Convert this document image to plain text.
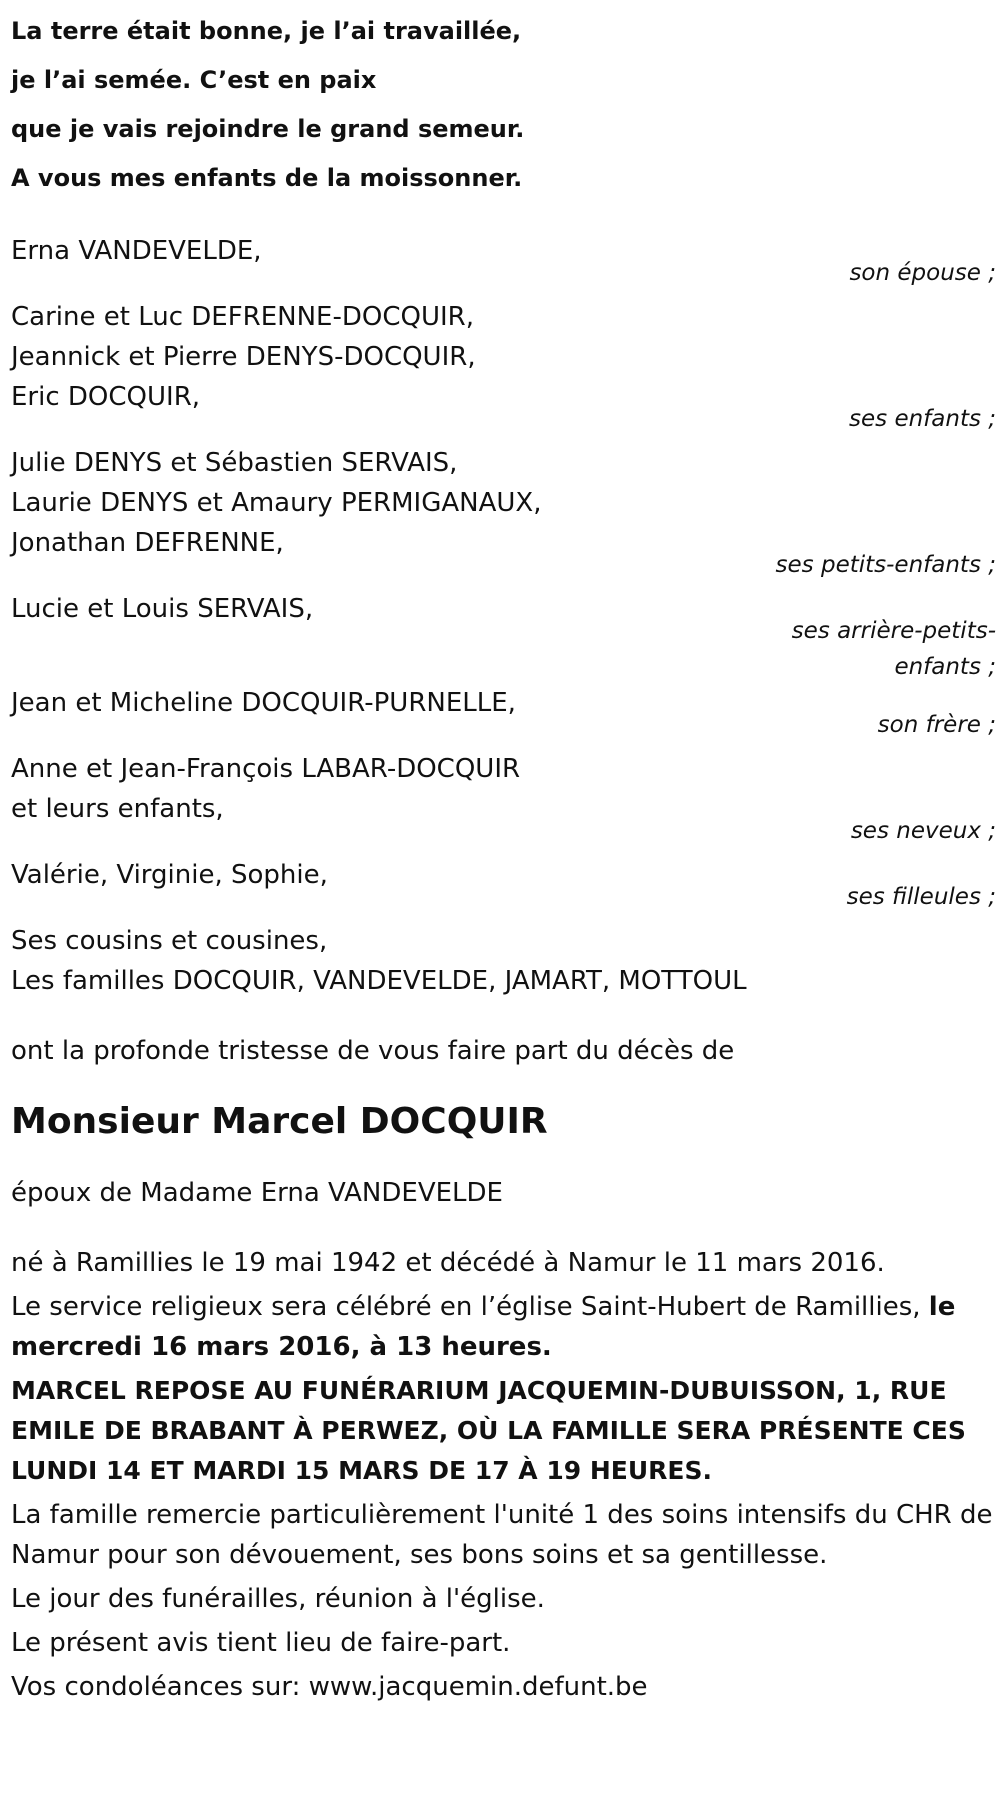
La terre était bonne, je l’ai travaillée,
je l’ai semée. C’est en paix
que je vais rejoindre le grand semeur.
A vous mes enfants de la moissonner.
Erna VANDEVELDE,
son épouse ;
Carine et Luc DEFRENNE-DOCQUIR,
Jeannick et Pierre DENYS-DOCQUIR,
Eric DOCQUIR,
ses enfants ;
Julie DENYS et Sébastien SERVAIS,
Laurie DENYS et Amaury PERMIGANAUX,
Jonathan DEFRENNE,
ses petits-enfants ;
Lucie et Louis SERVAIS,
ses arrière-petits-
enfants ;
Jean et Micheline DOCQUIR-PURNELLE,
son frère ;
Anne et Jean-François LABAR-DOCQUIR
et leurs enfants,
ses neveux ;
Valérie, Virginie, Sophie,
ses filleules ;
Ses cousins et cousines,
Les familles DOCQUIR, VANDEVELDE, JAMART, MOTTOUL
ont la profonde tristesse de vous faire part du décès de
Monsieur Marcel DOCQUIR
époux de Madame Erna VANDEVELDE
né à Ramillies le 19 mai 1942 et décédé à Namur le 11 mars 2016.

Le service religieux sera célébré en l’église Saint-Hubert de Ramillies, le mercredi 16 mars 2016, à 13 heures.

MARCEL REPOSE AU FUNÉRARIUM JACQUEMIN-DUBUISSON, 1, RUE EMILE DE BRABANT À PERWEZ, OÙ LA FAMILLE SERA PRÉSENTE CES LUNDI 14 ET MARDI 15 MARS DE 17 À 19 HEURES.
La famille remercie particulièrement l'unité 1 des soins intensifs du CHR de Namur pour son dévouement, ses bons soins et sa gentillesse.
Le jour des funérailles, réunion à l'église.
Le présent avis tient lieu de faire-part.
Vos condoléances sur: www.jacquemin.defunt.be
